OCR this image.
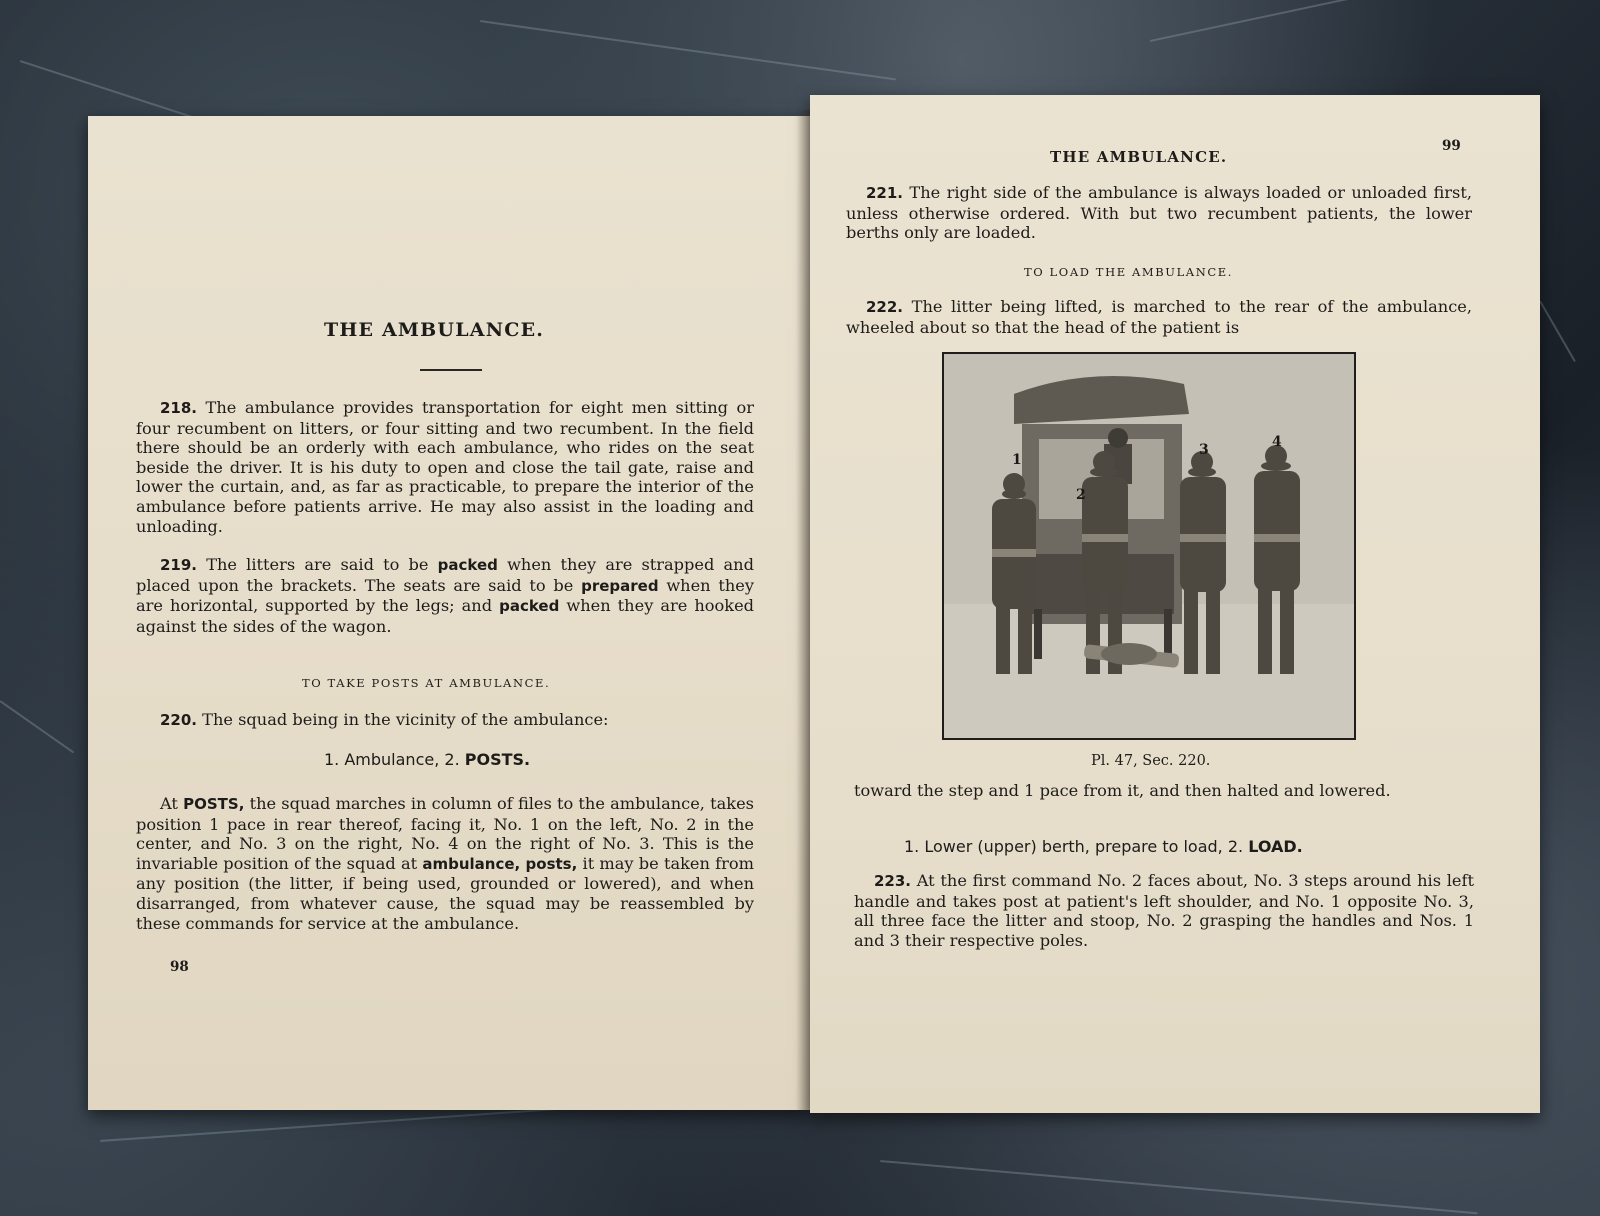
THE AMBULANCE.

218. The ambulance provides transportation for eight men sitting or four recumbent on litters, or four sitting and two recumbent. In the field there should be an orderly with each ambulance, who rides on the seat beside the driver. It is his duty to open and close the tail gate, raise and lower the curtain, and, as far as practicable, to prepare the interior of the ambulance before patients arrive. He may also assist in the loading and unloading.

219. The litters are said to be packed when they are strapped and placed upon the brackets. The seats are said to be prepared when they are horizontal, supported by the legs; and packed when they are hooked against the sides of the wagon.

TO TAKE POSTS AT AMBULANCE.

220. The squad being in the vicinity of the ambulance:

1. Ambulance, 2. POSTS.

At POSTS, the squad marches in column of files to the ambulance, takes position 1 pace in rear thereof, facing it, No. 1 on the left, No. 2 in the center, and No. 3 on the right, No. 4 on the right of No. 3. This is the invariable position of the squad at ambulance, posts, it may be taken from any position (the litter, if being used, grounded or lowered), and when disarranged, from whatever cause, the squad may be reassembled by these commands for service at the ambulance.

98
THE AMBULANCE.
99

221. The right side of the ambulance is always loaded or unloaded first, unless otherwise ordered. With but two recumbent patients, the lower berths only are loaded.

TO LOAD THE AMBULANCE.

222. The litter being lifted, is marched to the rear of the ambulance, wheeled about so that the head of the patient is

1
2
3	4
Pl. 47, Sec. 220.

toward the step and 1 pace from it, and then halted and lowered.

1. Lower (upper) berth, prepare to load, 2. LOAD.

223. At the first command No. 2 faces about, No. 3 steps around his left handle and takes post at patient's left shoulder, and No. 1 opposite No. 3, all three face the litter and stoop, No. 2 grasping the handles and Nos. 1 and 3 their respective poles.
